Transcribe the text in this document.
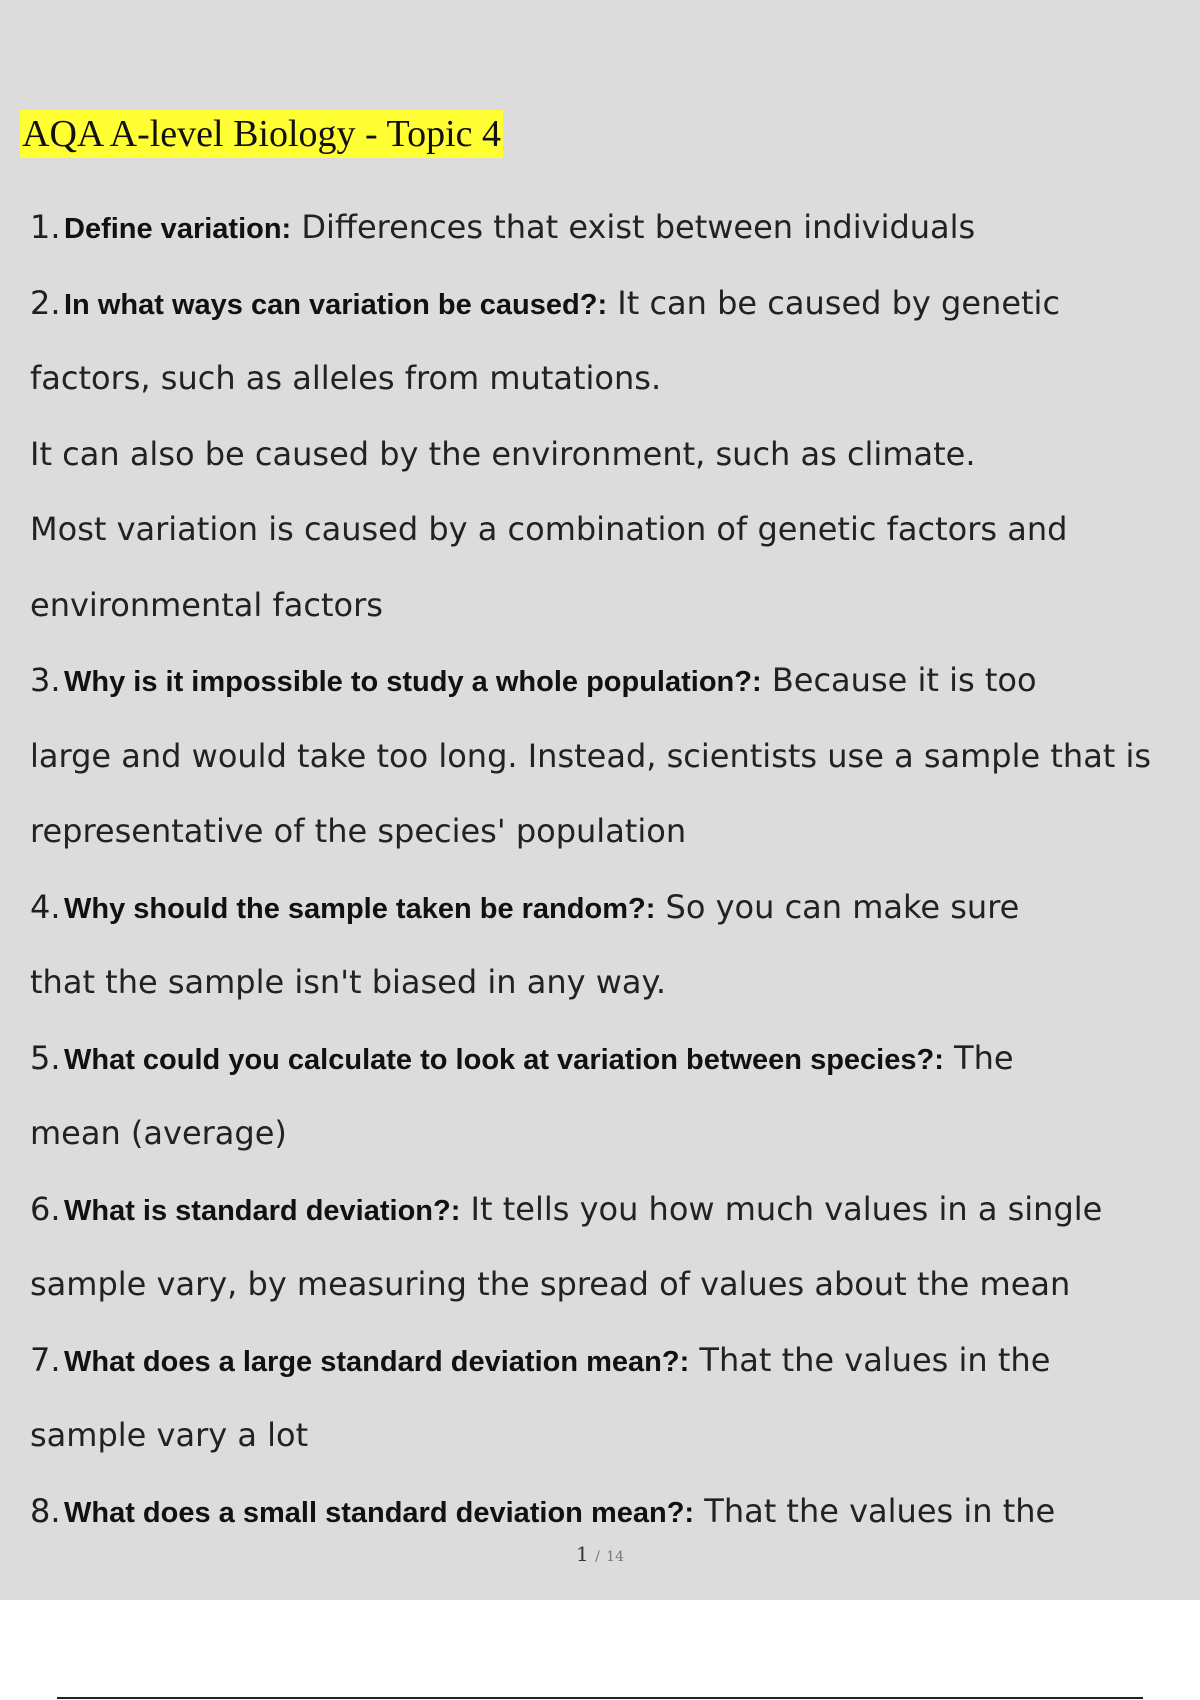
AQA A-level Biology - Topic 4
1. Define variation: Differences that exist between individuals
2. In what ways can variation be caused?: It can be caused by genetic
factors, such as alleles from mutations.
It can also be caused by the environment, such as climate.
Most variation is caused by a combination of genetic factors and
environmental factors
3. Why is it impossible to study a whole population?: Because it is too
large and would take too long. Instead, scientists use a sample that is
representative of the species' population
4. Why should the sample taken be random?: So you can make sure
that the sample isn't biased in any way.
5. What could you calculate to look at variation between species?: The
mean (average)
6. What is standard deviation?: It tells you how much values in a single
sample vary, by measuring the spread of values about the mean
7. What does a large standard deviation mean?: That the values in the
sample vary a lot
8. What does a small standard deviation mean?: That the values in the
1 / 14
